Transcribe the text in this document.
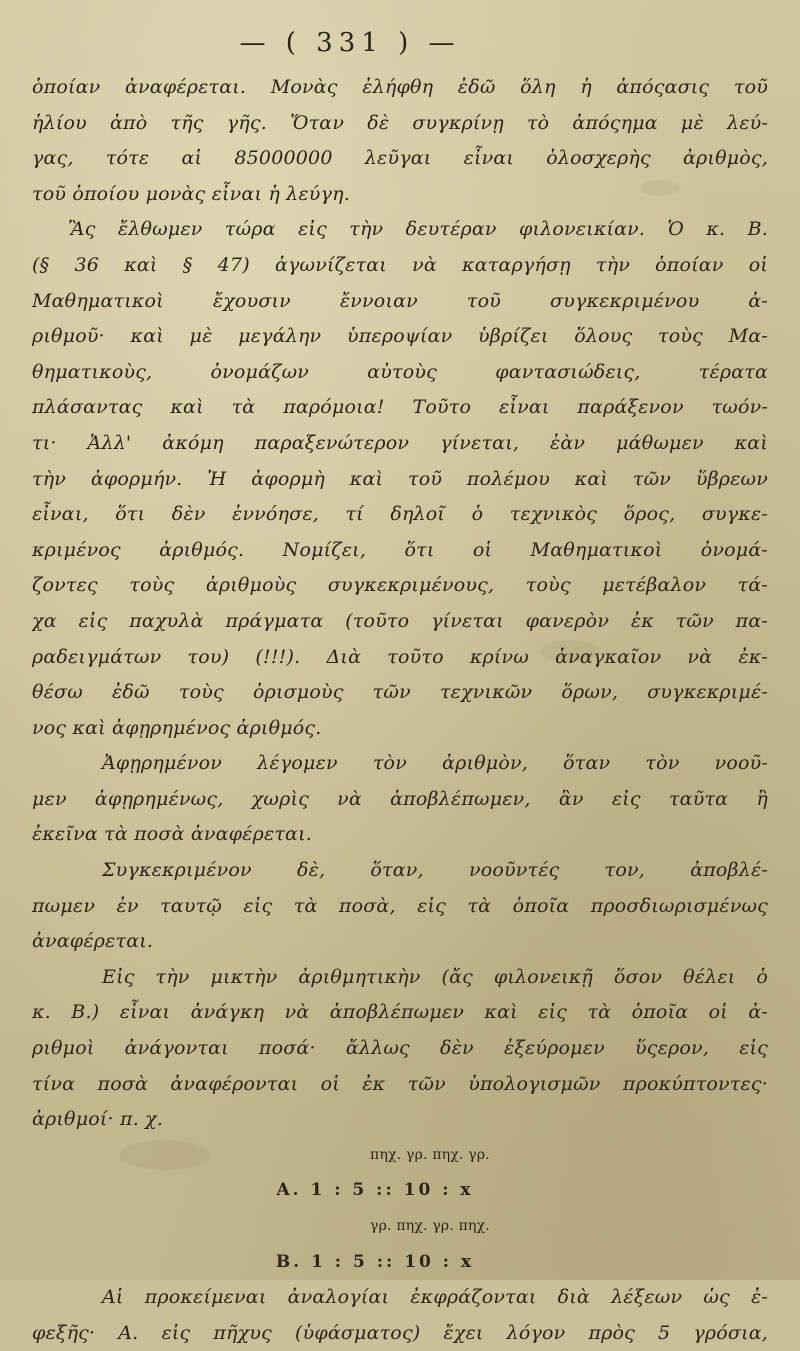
— ( 331 ) —
ὁποίαν ἀναφέρεται. Μονὰς ἐλήφθη ἐδῶ ὅλη ἡ ἀπόςασις τοῦ
ἡλίου ἀπὸ τῆς γῆς. Ὅταν δὲ συγκρίνῃ τὸ ἀπόςημα μὲ λεύ-
γας, τότε αἱ 85000000 λεῦγαι εἶναι ὁλοσχερὴς ἀριθμὸς,
τοῦ ὁποίου μονὰς εἶναι ἡ λεύγη.
Ἂς ἔλθωμεν τώρα εἰς τὴν δευτέραν φιλονεικίαν. Ὁ κ. Β.
(§ 36 καὶ § 47) ἀγωνίζεται νὰ καταργήσῃ τὴν ὁποίαν οἱ
Μαθηματικοὶ ἔχουσιν ἔννοιαν τοῦ συγκεκριμένου ἀ-
ριθμοῦ· καὶ μὲ μεγάλην ὑπεροψίαν ὑβρίζει ὅλους τοὺς Μα-
θηματικοὺς, ὀνομάζων αὐτοὺς φαντασιώδεις, τέρατα
πλάσαντας καὶ τὰ παρόμοια! Τοῦτο εἶναι παράξενον τωόν-
τι· Ἀλλ' ἀκόμη παραξενώτερον γίνεται, ἐὰν μάθωμεν καὶ
τὴν ἀφορμήν. Ἡ ἀφορμὴ καὶ τοῦ πολέμου καὶ τῶν ὕβρεων
εἶναι, ὅτι δὲν ἐννόησε, τί δηλοῖ ὁ τεχνικὸς ὅρος, συγκε-
κριμένος ἀριθμός. Νομίζει, ὅτι οἱ Μαθηματικοὶ ὀνομά-
ζοντες τοὺς ἀριθμοὺς συγκεκριμένους, τοὺς μετέβαλον τά-
χα εἰς παχυλὰ πράγματα (τοῦτο γίνεται φανερὸν ἐκ τῶν πα-
ραδειγμάτων του) (!!!). Διὰ τοῦτο κρίνω ἀναγκαῖον νὰ ἐκ-
θέσω ἐδῶ τοὺς ὁρισμοὺς τῶν τεχνικῶν ὅρων, συγκεκριμέ-
νος καὶ ἀφῃρημένος ἀριθμός.
Ἀφῃρημένον λέγομεν τὸν ἀριθμὸν, ὅταν τὸν νοοῦ-
μεν ἀφῃρημένως, χωρὶς νὰ ἀποβλέπωμεν, ἂν εἰς ταῦτα ἢ
ἐκεῖνα τὰ ποσὰ ἀναφέρεται.
Συγκεκριμένον δὲ, ὅταν, νοοῦντές τον, ἀποβλέ-
πωμεν ἐν ταυτῷ εἰς τὰ ποσὰ, εἰς τὰ ὁποῖα προσδιωρισμένως
ἀναφέρεται.
Εἰς τὴν μικτὴν ἀριθμητικὴν (ἄς φιλονεικῇ ὅσον θέλει ὁ
κ. Β.) εἶναι ἀνάγκη νὰ ἀποβλέπωμεν καὶ εἰς τὰ ὁποῖα οἱ ἀ-
ριθμοὶ ἀνάγονται ποσά· ἄλλως δὲν ἐξεύρομεν ὕςερον, εἰς
τίνα ποσὰ ἀναφέρονται οἱ ἐκ τῶν ὑπολογισμῶν προκύπτοντες·
ἀριθμοί· π. χ.
πηχ. γρ. πηχ. γρ.
Α. 1 : 5 :: 10 : x
γρ. πηχ. γρ. πηχ.
Β. 1 : 5 :: 10 : x
Αἱ προκείμεναι ἀναλογίαι ἐκφράζονται διὰ λέξεων ὡς ἐ-
φεξῆς· Α. εἰς πῆχυς (ὑφάσματος) ἔχει λόγον πρὸς 5 γρόσια,
